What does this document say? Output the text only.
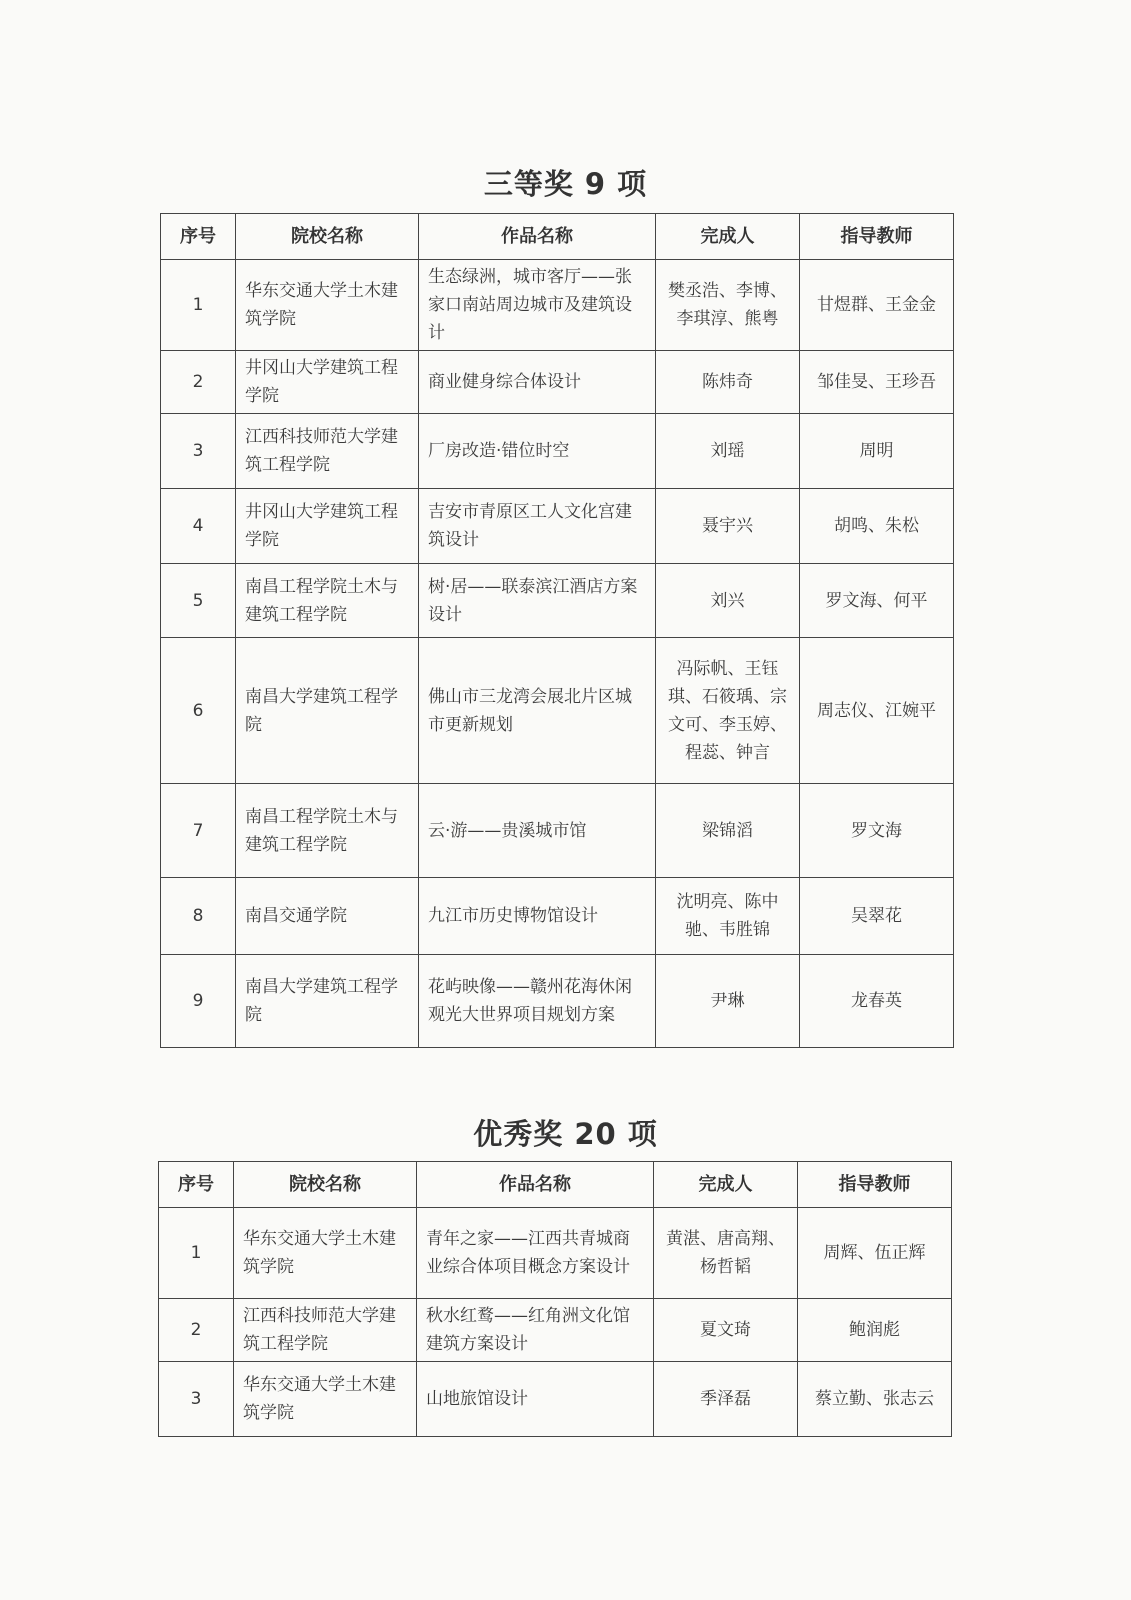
三等奖 9 项
序号	院校名称	作品名称	完成人	指导教师
1	华东交通大学土木建筑学院	生态绿洲，城市客厅——张家口南站周边城市及建筑设计	樊丞浩、李博、李琪淳、熊粤	甘煜群、王金金
2	井冈山大学建筑工程学院	商业健身综合体设计	陈炜奇	邹佳旻、王珍吾
3	江西科技师范大学建筑工程学院	厂房改造·错位时空	刘瑶	周明
4	井冈山大学建筑工程学院	吉安市青原区工人文化宫建筑设计	聂宇兴	胡鸣、朱松
5	南昌工程学院土木与建筑工程学院	树·居——联泰滨江酒店方案设计	刘兴	罗文海、何平
6	南昌大学建筑工程学院	佛山市三龙湾会展北片区城市更新规划	冯际帆、王钰琪、石筱瑀、宗文可、李玉婷、程蕊、钟言	周志仪、江婉平
7	南昌工程学院土木与建筑工程学院	云·游——贵溪城市馆	梁锦滔	罗文海
8	南昌交通学院	九江市历史博物馆设计	沈明亮、陈中驰、韦胜锦	吴翠花
9	南昌大学建筑工程学院	花屿映像——赣州花海休闲观光大世界项目规划方案	尹琳	龙春英
优秀奖 20 项
序号	院校名称	作品名称	完成人	指导教师
1	华东交通大学土木建筑学院	青年之家——江西共青城商业综合体项目概念方案设计	黄湛、唐高翔、杨哲韬	周辉、伍正辉
2	江西科技师范大学建筑工程学院	秋水红鹜——红角洲文化馆建筑方案设计	夏文琦	鲍润彪
3	华东交通大学土木建筑学院	山地旅馆设计	季泽磊	蔡立勤、张志云
